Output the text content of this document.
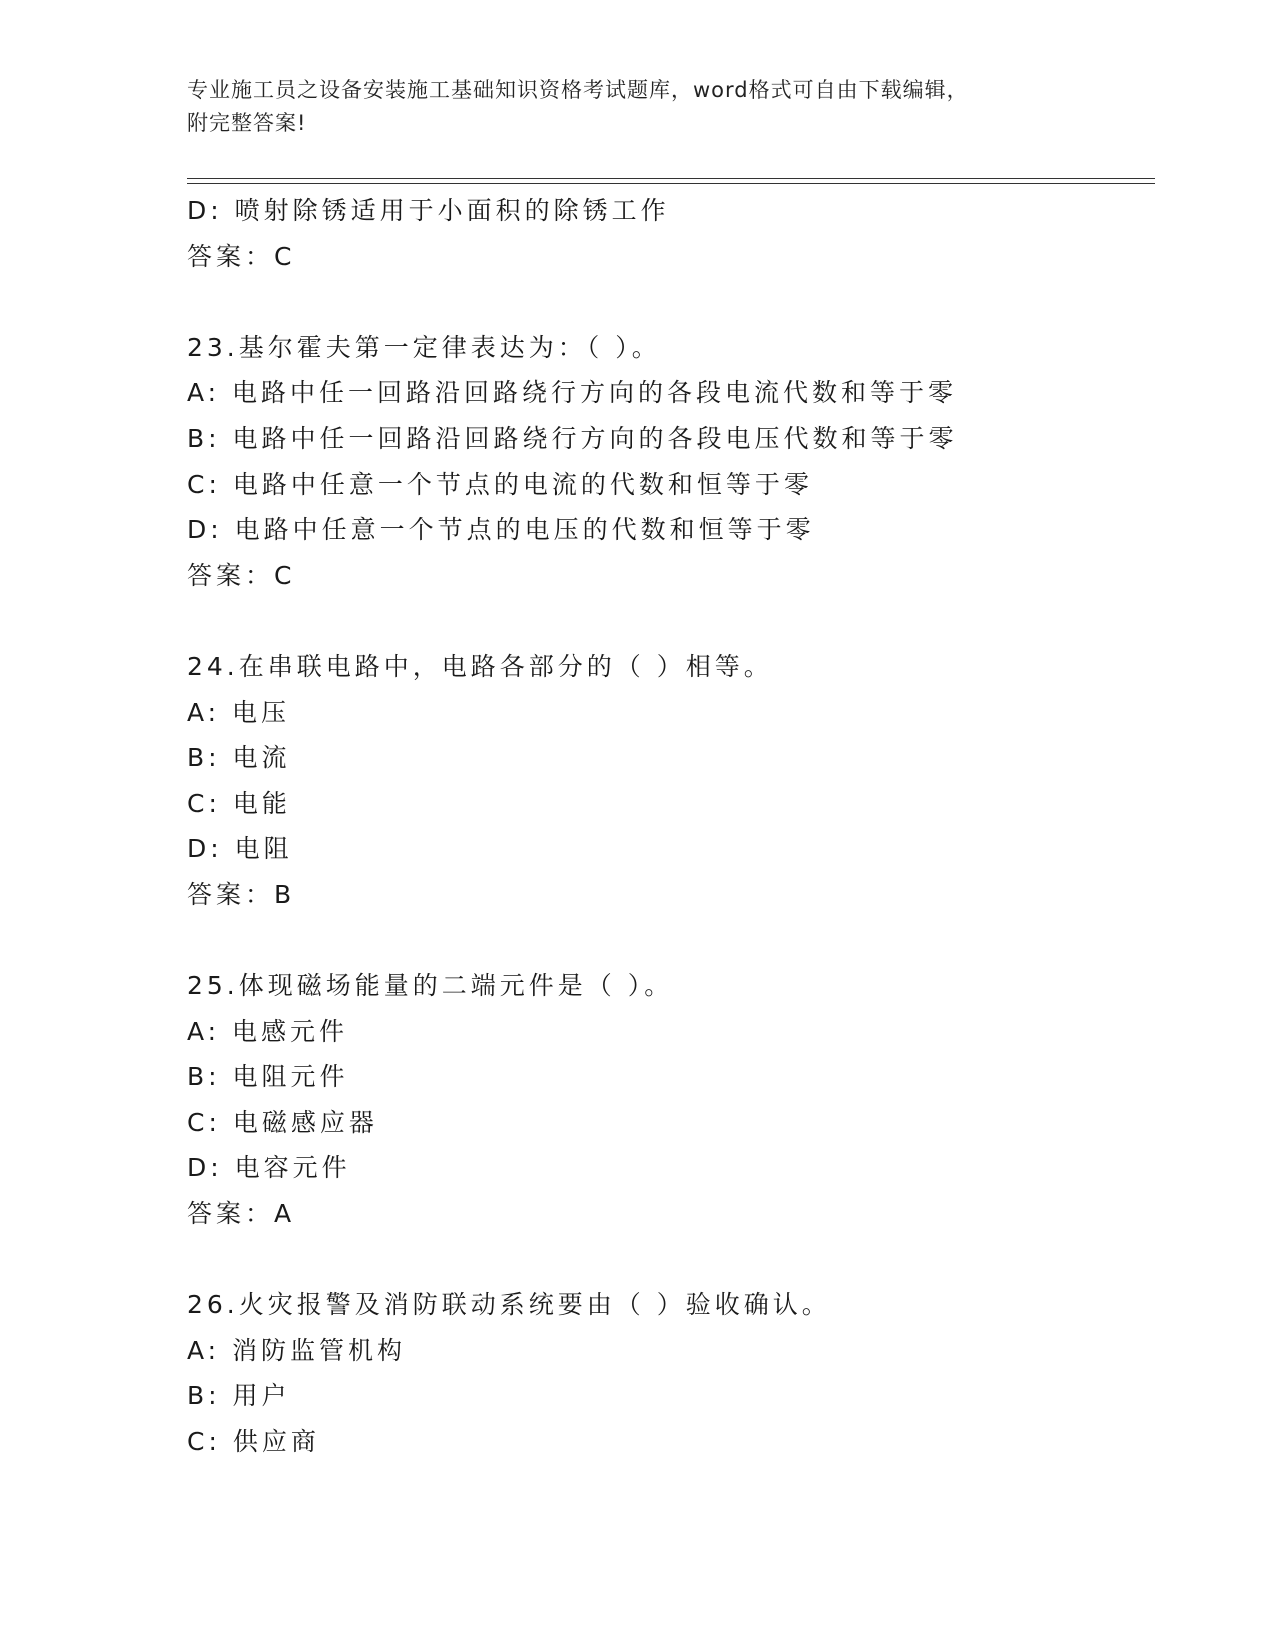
专业施工员之设备安装施工基础知识资格考试题库，word格式可自由下载编辑，
附完整答案!
D: 喷射除锈适用于小面积的除锈工作
答案：C
23.基尔霍夫第一定律表达为：（ ）。
A: 电路中任一回路沿回路绕行方向的各段电流代数和等于零
B: 电路中任一回路沿回路绕行方向的各段电压代数和等于零
C: 电路中任意一个节点的电流的代数和恒等于零
D: 电路中任意一个节点的电压的代数和恒等于零
答案：C
24.在串联电路中，电路各部分的（ ）相等。
A: 电压
B: 电流
C: 电能
D: 电阻
答案：B
25.体现磁场能量的二端元件是（ ）。
A: 电感元件
B: 电阻元件
C: 电磁感应器
D: 电容元件
答案：A
26.火灾报警及消防联动系统要由（ ）验收确认。
A: 消防监管机构
B: 用户
C: 供应商
